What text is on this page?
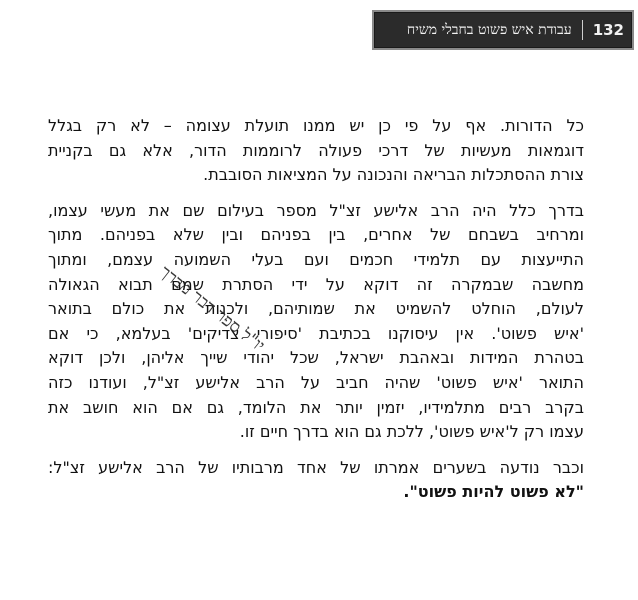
132
עבודת איש פשוט בחבלי משיח

כל הדורות. אף על פי כן יש ממנו תועלת עצומה – לא רק בגלל
דוגמאות מעשיות של דרכי פעולה לרוממות הדור, אלא גם בקניית
צורת ההסתכלות הבריאה והנכונה על המציאות הסובבת.

בדרך כלל היה הרב אלישע זצ"ל מספר בעילום שם את מעשי עצמו,
ומרחיב בשבחם של אחרים, בין בפניהם ובין שלא בפניהם. מתוך
התייעצות עם תלמידי חכמים ועם בעלי השמועה עצמם, ומתוך
מחשבה שבמקרה זה דוקא על ידי הסתרת שמם תבוא הגאולה
לעולם, הוחלט להשמיט את שמותיהם, ולכנות את כולם בתואר
'איש פשוט'. אין עיסוקנו בכתיבת 'סיפורי צדיקים' בעלמא, כי אם
בטהרת המידות ובאהבת ישראל, שכל יהודי שייך אליהן, ולכן דוקא
התואר 'איש פשוט' שהיה חביב על הרב אלישע זצ"ל, ועודנו כזה
בקרב רבים מתלמידיו, יזמין יותר את הלומד, גם אם הוא חושב את
עצמו רק ל'איש פשוט', ללכת גם הוא בדרך חיים זו.

וכבר נודעה בשערים אמרתו של אחד מרבותיו של הרב אלישע זצ"ל:
"לא פשוט להיות פשוט".

יו"ל ספר דבר מברך
